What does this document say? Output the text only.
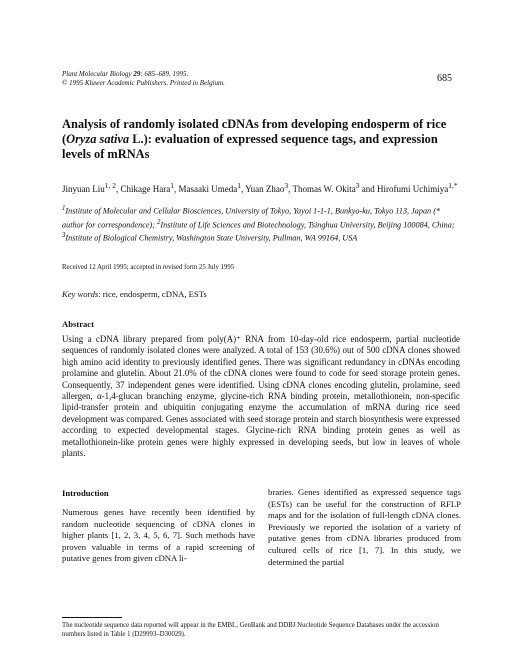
Plant Molecular Biology 29: 685–689, 1995.
© 1995 Kluwer Academic Publishers. Printed in Belgium.	685
Analysis of randomly isolated cDNAs from developing endosperm of rice (Oryza sativa L.): evaluation of expressed sequence tags, and expression levels of mRNAs
Jinyuan Liu$^{1, 2}$, Chikage Hara$^1$, Masaaki Umeda$^1$, Yuan Zhao$^3$, Thomas W. Okita$^3$ and Hirofumi Uchimiya$^{1,*}$
$^1$Institute of Molecular and Cellular Biosciences, University of Tokyo, Yayoi 1-1-1, Bunkyo-ku, Tokyo 113, Japan (* author for correspondence); $^2$Institute of Life Sciences and Biotechnology, Tsinghua University, Beijing 100084, China; $^3$Institute of Biological Chemistry, Washington State University, Pullman, WA 99164, USA
Received 12 April 1995; accepted in revised form 25 July 1995
Key words: rice, endosperm, cDNA, ESTs
Abstract
Using a cDNA library prepared from poly(A)⁺ RNA from 10-day-old rice endosperm, partial nucleotide sequences of randomly isolated clones were analyzed. A total of 153 (30.6%) out of 500 cDNA clones showed high amino acid identity to previously identified genes. There was significant redundancy in cDNAs encoding prolamine and glutelin. About 21.0% of the cDNA clones were found to code for seed storage protein genes. Consequently, 37 independent genes were identified. Using cDNA clones encoding glutelin, prolamine, seed allergen, α-1,4-glucan branching enzyme, glycine-rich RNA binding protein, metallothionein, non-specific lipid-transfer protein and ubiquitin conjugating enzyme the accumulation of mRNA during rice seed development was compared. Genes associated with seed storage protein and starch biosynthesis were expressed according to expected developmental stages. Glycine-rich RNA binding protein genes as well as metallothionein-like protein genes were highly expressed in developing seeds, but low in leaves of whole plants.
Introduction
Numerous genes have recently been identified by random nucleotide sequencing of cDNA clones in higher plants [1, 2, 3, 4, 5, 6, 7]. Such methods have proven valuable in terms of a rapid screening of putative genes from given cDNA li-
braries. Genes identified as expressed sequence tags (ESTs) can be useful for the construction of RFLP maps and for the isolation of full-length cDNA clones. Previously we reported the isolation of a variety of putative genes from cDNA libraries produced from cultured cells of rice [1, 7]. In this study, we determined the partial
The nucleotide sequence data reported will appear in the EMBL, GenBank and DDBJ Nucleotide Sequence Databases under the accession numbers listed in Table 1 (D29993–D30029).
